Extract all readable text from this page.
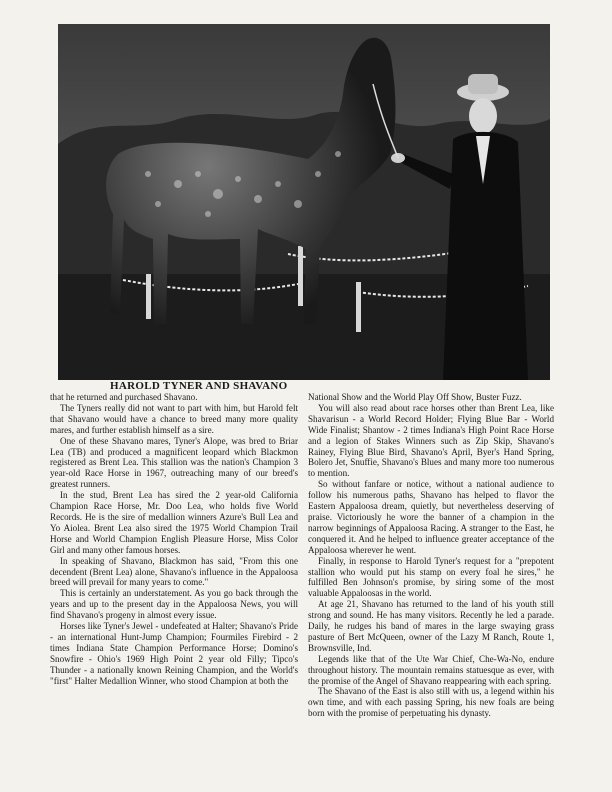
HAROLD TYNER AND SHAVANO

that he returned and purchased Shavano.

The Tyners really did not want to part with him, but Harold felt that Shavano would have a chance to breed many more quality mares, and further establish himself as a sire.

One of these Shavano mares, Tyner's Alope, was bred to Briar Lea (TB) and produced a magnificent leopard which Blackmon registered as Brent Lea. This stallion was the nation's Champion 3 year-old Race Horse in 1967, outreaching many of our breed's greatest runners.

In the stud, Brent Lea has sired the 2 year-old California Champion Race Horse, Mr. Doo Lea, who holds five World Records. He is the sire of medallion winners Azure's Bull Lea and Yo Aiolea. Brent Lea also sired the 1975 World Champion Trail Horse and World Champion English Pleasure Horse, Miss Color Girl and many other famous horses.

In speaking of Shavano, Blackmon has said, "From this one decendent (Brent Lea) alone, Shavano's influence in the Appaloosa breed will prevail for many years to come."

This is certainly an understatement. As you go back through the years and up to the present day in the Appaloosa News, you will find Shavano's progeny in almost every issue.

Horses like Tyner's Jewel - undefeated at Halter; Shavano's Pride - an international Hunt-Jump Champion; Fourmiles Firebird - 2 times Indiana State Champion Performance Horse; Domino's Snowfire - Ohio's 1969 High Point 2 year old Filly; Tipco's Thunder - a nationally known Reining Champion, and the World's "first" Halter Medallion Winner, who stood Champion at both the

National Show and the World Play Off Show, Buster Fuzz.

You will also read about race horses other than Brent Lea, like Shavarisun - a World Record Holder; Flying Blue Bar - World Wide Finalist; Shantow - 2 times Indiana's High Point Race Horse and a legion of Stakes Winners such as Zip Skip, Shavano's Rainey, Flying Blue Bird, Shavano's April, Byer's Hand Spring, Bolero Jet, Snuffie, Shavano's Blues and many more too numerous to mention.

So without fanfare or notice, without a national audience to follow his numerous paths, Shavano has helped to flavor the Eastern Appaloosa dream, quietly, but nevertheless deserving of praise. Victoriously he wore the banner of a champion in the narrow beginnings of Appaloosa Racing. A stranger to the East, he conquered it. And he helped to influence greater acceptance of the Appaloosa wherever he went.

Finally, in response to Harold Tyner's request for a "prepotent stallion who would put his stamp on every foal he sires," he fulfilled Ben Johnson's promise, by siring some of the most valuable Appaloosas in the world.

At age 21, Shavano has returned to the land of his youth still strong and sound. He has many visitors. Recently he led a parade. Daily, he rudges his band of mares in the large swaying grass pasture of Bert McQueen, owner of the Lazy M Ranch, Route 1, Brownsville, Ind.

Legends like that of the Ute War Chief, Che-Wa-No, endure throughout history. The mountain remains statuesque as ever, with the promise of the Angel of Shavano reappearing with each spring.

The Shavano of the East is also still with us, a legend within his own time, and with each passing Spring, his new foals are being born with the promise of perpetuating his dynasty.
